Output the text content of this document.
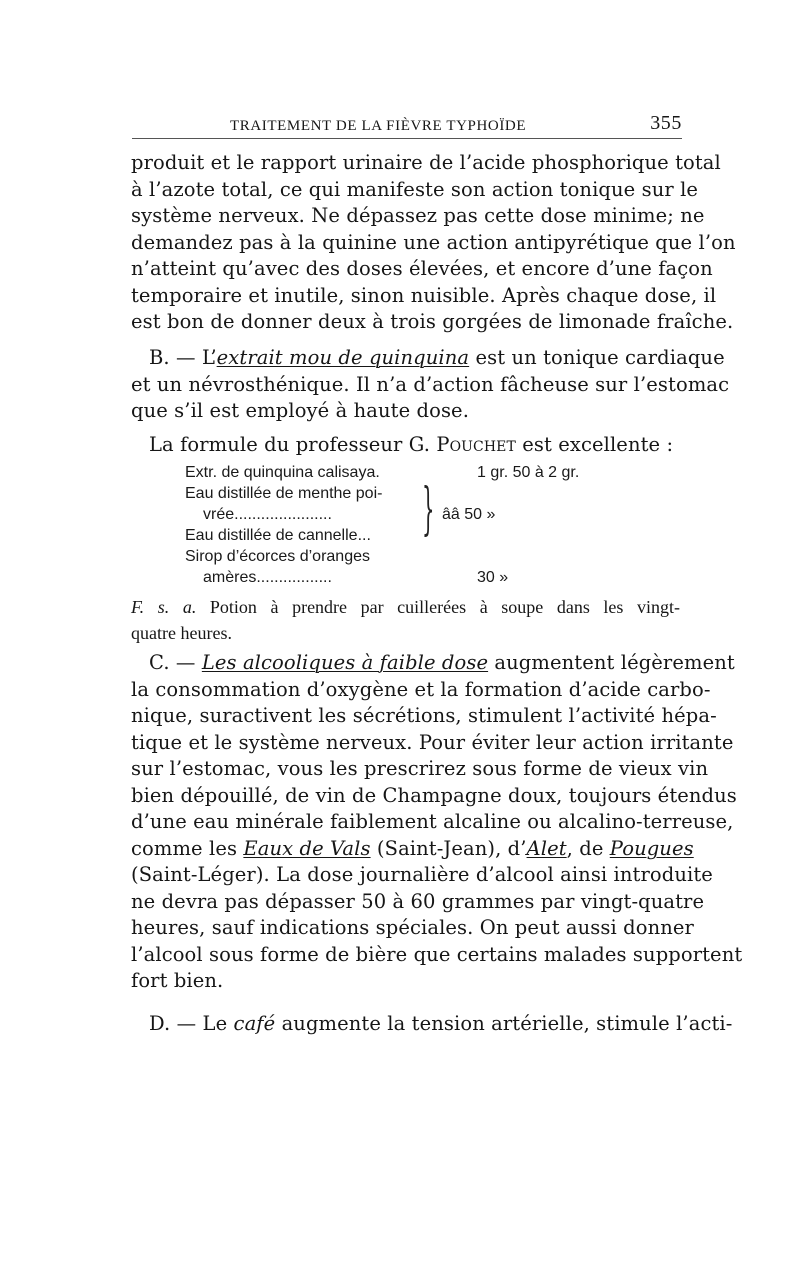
TRAITEMENT DE LA FIÈVRE TYPHOÏDE	355

produit et le rapport urinaire de l’acide phosphorique total
à l’azote total, ce qui manifeste son action tonique sur le
système nerveux. Ne dépassez pas cette dose minime; ne
demandez pas à la quinine une action antipyrétique que l’on
n’atteint qu’avec des doses élevées, et encore d’une façon
temporaire et inutile, sinon nuisible. Après chaque dose, il
est bon de donner deux à trois gorgées de limonade fraîche.

B. — L’extrait mou de quinquina est un tonique cardiaque
et un névrosthénique. Il n’a d’action fâcheuse sur l’estomac
que s’il est employé à haute dose.

La formule du professeur G. Pouchet est excellente :

Extr. de quinquina calisaya.	1 gr. 50 à 2 gr.
Eau distillée de menthe poi-
vrée......................	ââ 50 »
Eau distillée de cannelle...
Sirop d’écorces d’oranges
amères.................	30 »
}

F. s. a. Potion à prendre par cuillerées à soupe dans les vingt-
quatre heures.

C. — Les alcooliques à faible dose augmentent légèrement
la consommation d’oxygène et la formation d’acide carbo-
nique, suractivent les sécrétions, stimulent l’activité hépa-
tique et le système nerveux. Pour éviter leur action irritante
sur l’estomac, vous les prescrirez sous forme de vieux vin
bien dépouillé, de vin de Champagne doux, toujours étendus
d’une eau minérale faiblement alcaline ou alcalino-terreuse,
comme les Eaux de Vals (Saint-Jean), d’Alet, de Pougues
(Saint-Léger). La dose journalière d’alcool ainsi introduite
ne devra pas dépasser 50 à 60 grammes par vingt-quatre
heures, sauf indications spéciales. On peut aussi donner
l’alcool sous forme de bière que certains malades supportent
fort bien.

D. — Le café augmente la tension artérielle, stimule l’acti-
